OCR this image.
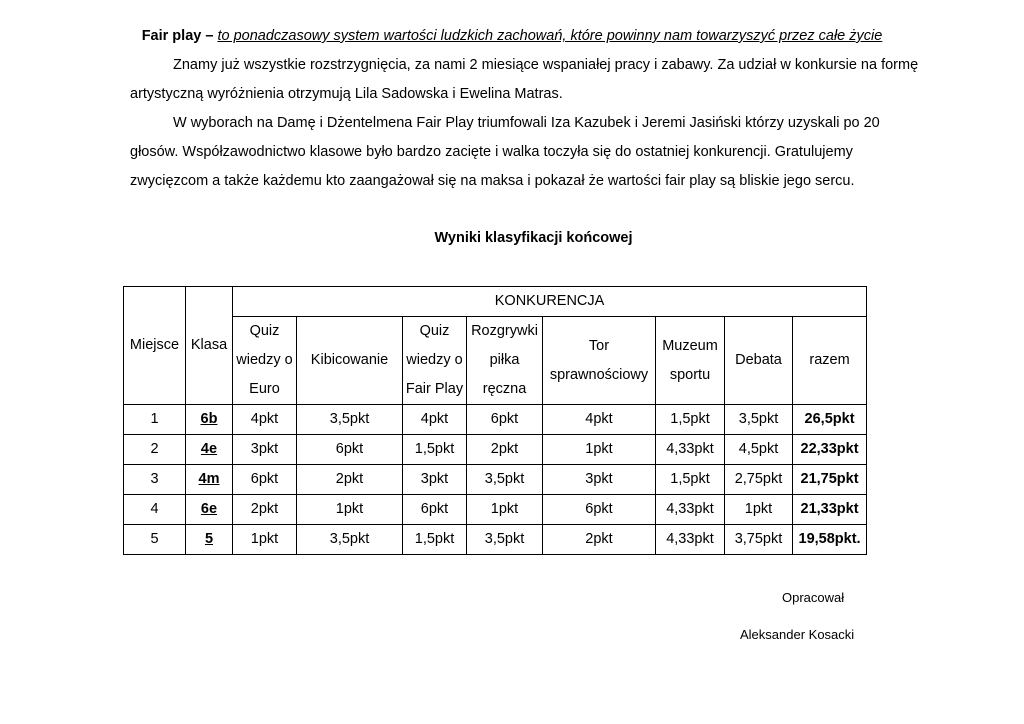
Fair play – to ponadczasowy system wartości ludzkich zachowań, które powinny nam towarzyszyć przez całe życie
Znamy już wszystkie rozstrzygnięcia, za nami 2 miesiące wspaniałej pracy i zabawy. Za udział w konkursie na formę artystyczną wyróżnienia otrzymują Lila Sadowska i Ewelina Matras.
W wyborach na Damę i Dżentelmena Fair Play triumfowali Iza Kazubek i Jeremi Jasiński którzy uzyskali po 20 głosów. Współzawodnictwo klasowe było bardzo zacięte i walka toczyła się do ostatniej konkurencji. Gratulujemy zwycięzcom a także każdemu kto zaangażował się na maksa i pokazał że wartości fair play są bliskie jego sercu.
Wyniki klasyfikacji końcowej
Miejsce	Klasa	KONKURENCJA							
		Quiz wiedzy o Euro	Kibicowanie	Quiz wiedzy o Fair Play	Rozgrywki piłka ręczna	Tor sprawnościowy	Muzeum sportu	Debata	razem
1	6b	4pkt	3,5pkt	4pkt	6pkt	4pkt	1,5pkt	3,5pkt	26,5pkt
2	4e	3pkt	6pkt	1,5pkt	2pkt	1pkt	4,33pkt	4,5pkt	22,33pkt
3	4m	6pkt	2pkt	3pkt	3,5pkt	3pkt	1,5pkt	2,75pkt	21,75pkt
4	6e	2pkt	1pkt	6pkt	1pkt	6pkt	4,33pkt	1pkt	21,33pkt
5	5	1pkt	3,5pkt	1,5pkt	3,5pkt	2pkt	4,33pkt	3,75pkt	19,58pkt.
Opracował
Aleksander Kosacki
